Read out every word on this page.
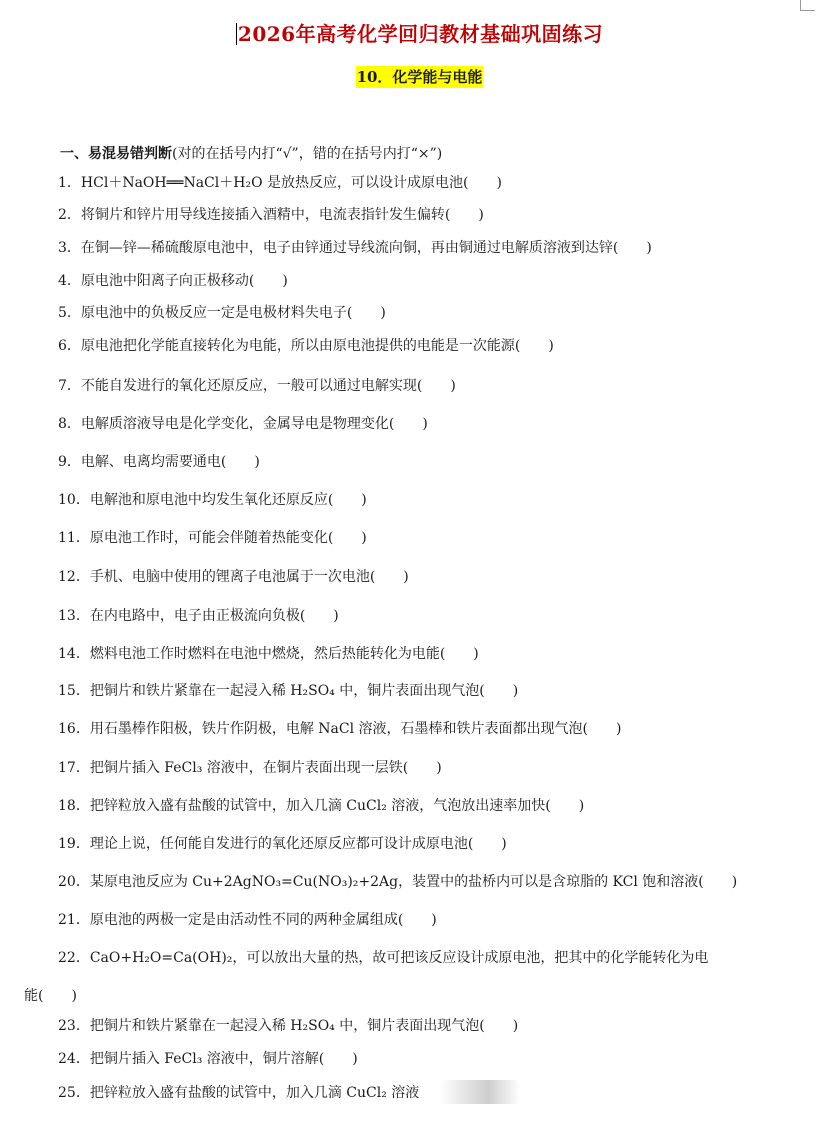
2026年高考化学回归教材基础巩固练习
10．化学能与电能
一、易混易错判断(对的在括号内打“√”，错的在括号内打“×”)
1．HCl＋NaOH══NaCl＋H₂O 是放热反应，可以设计成原电池(　　)
2．将铜片和锌片用导线连接插入酒精中，电流表指针发生偏转(　　)
3．在铜—锌—稀硫酸原电池中，电子由锌通过导线流向铜，再由铜通过电解质溶液到达锌(　　)
4．原电池中阳离子向正极移动(　　)
5．原电池中的负极反应一定是电极材料失电子(　　)
6．原电池把化学能直接转化为电能，所以由原电池提供的电能是一次能源(　　)
7．不能自发进行的氧化还原反应，一般可以通过电解实现(　　)
8．电解质溶液导电是化学变化，金属导电是物理变化(　　)
9．电解、电离均需要通电(　　)
10．电解池和原电池中均发生氧化还原反应(　　)
11．原电池工作时，可能会伴随着热能变化(　　)
12．手机、电脑中使用的锂离子电池属于一次电池(　　)
13．在内电路中，电子由正极流向负极(　　)
14．燃料电池工作时燃料在电池中燃烧，然后热能转化为电能(　　)
15．把铜片和铁片紧靠在一起浸入稀 H₂SO₄ 中，铜片表面出现气泡(　　)
16．用石墨棒作阳极，铁片作阴极，电解 NaCl 溶液，石墨棒和铁片表面都出现气泡(　　)
17．把铜片插入 FeCl₃ 溶液中，在铜片表面出现一层铁(　　)
18．把锌粒放入盛有盐酸的试管中，加入几滴 CuCl₂ 溶液，气泡放出速率加快(　　)
19．理论上说，任何能自发进行的氧化还原反应都可设计成原电池(　　)
20．某原电池反应为 Cu+2AgNO₃=Cu(NO₃)₂+2Ag，装置中的盐桥内可以是含琼脂的 KCl 饱和溶液(　　)
21．原电池的两极一定是由活动性不同的两种金属组成(　　)
22．CaO+H₂O=Ca(OH)₂，可以放出大量的热，故可把该反应设计成原电池，把其中的化学能转化为电
能(　　)
23．把铜片和铁片紧靠在一起浸入稀 H₂SO₄ 中，铜片表面出现气泡(　　)
24．把铜片插入 FeCl₃ 溶液中，铜片溶解(　　)
25．把锌粒放入盛有盐酸的试管中，加入几滴 CuCl₂ 溶液
